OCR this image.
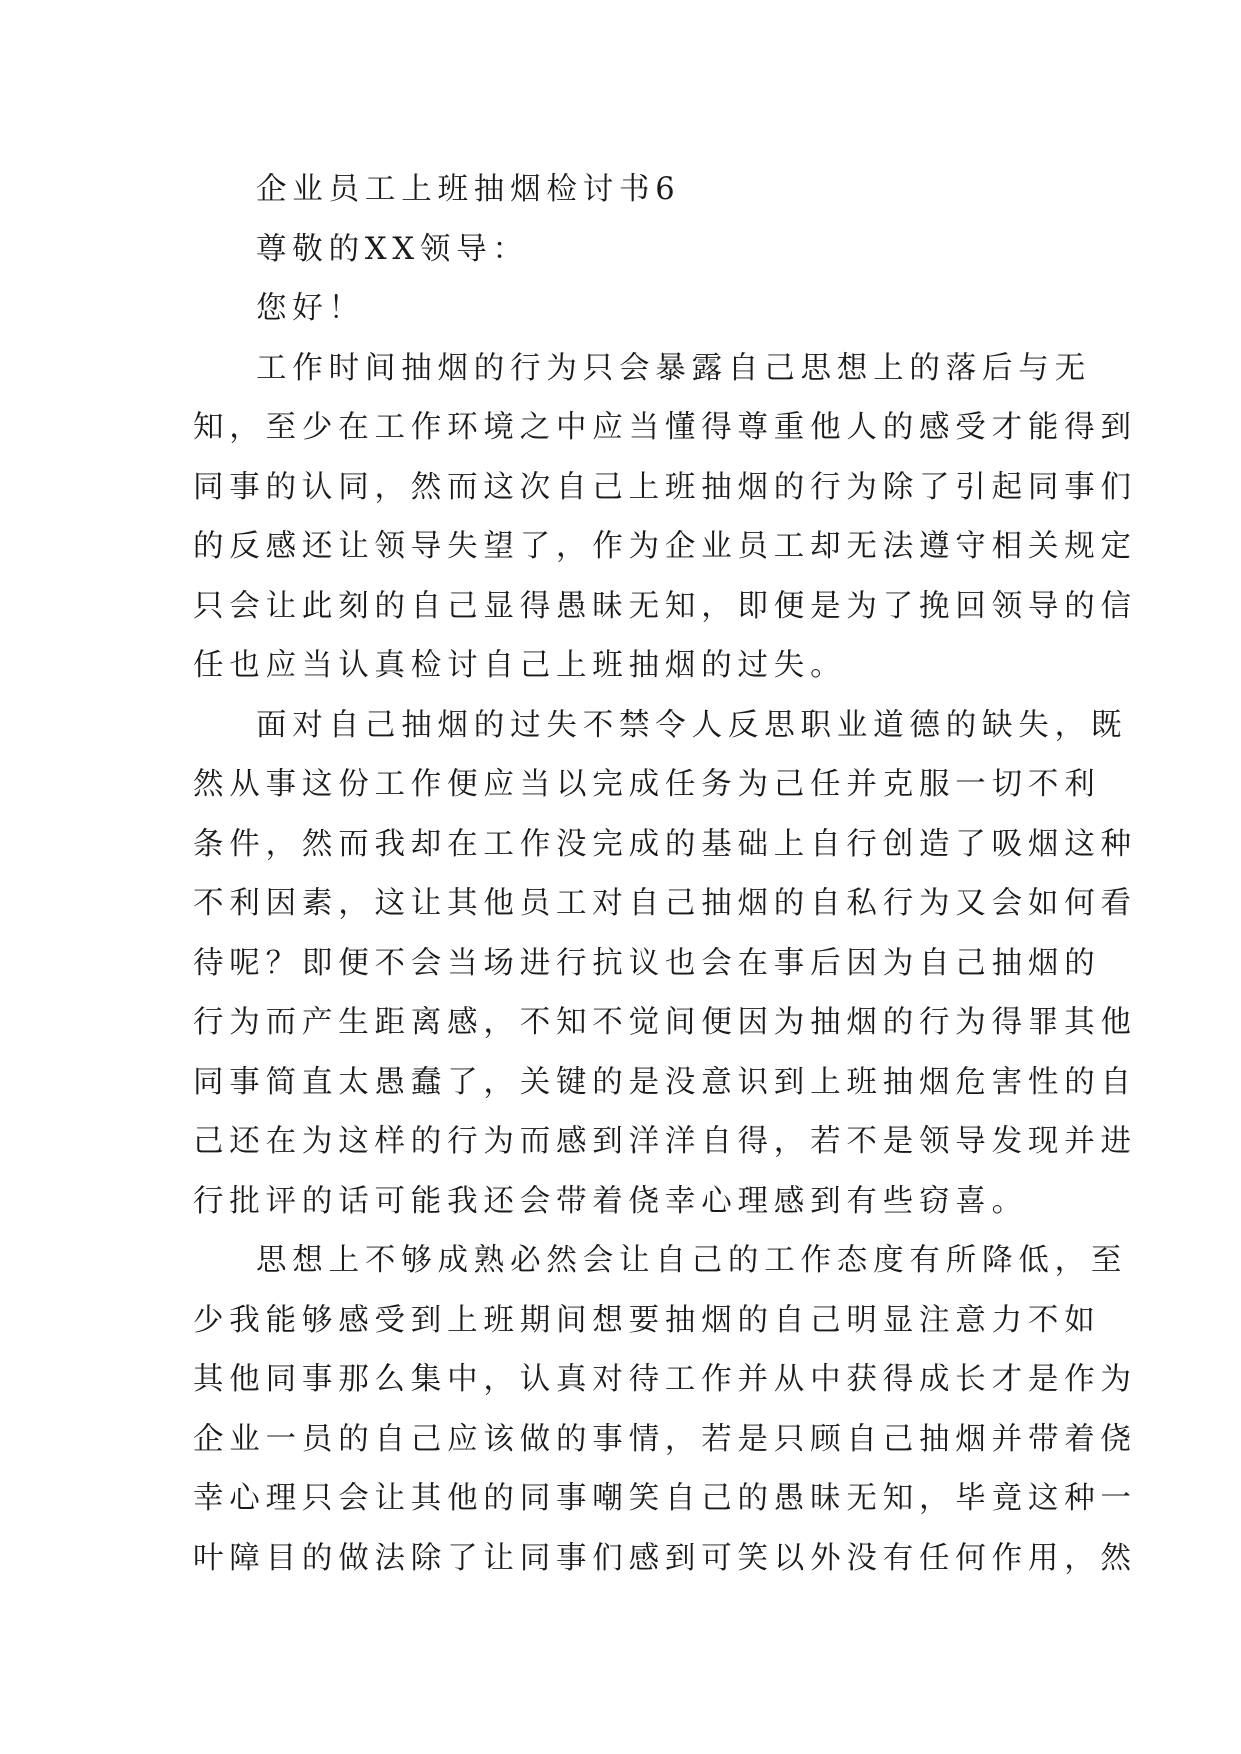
企业员工上班抽烟检讨书6
尊敬的XX领导：
您好！
工作时间抽烟的行为只会暴露自己思想上的落后与无
知，至少在工作环境之中应当懂得尊重他人的感受才能得到
同事的认同，然而这次自己上班抽烟的行为除了引起同事们
的反感还让领导失望了，作为企业员工却无法遵守相关规定
只会让此刻的自己显得愚昧无知，即便是为了挽回领导的信
任也应当认真检讨自己上班抽烟的过失。
面对自己抽烟的过失不禁令人反思职业道德的缺失，既
然从事这份工作便应当以完成任务为己任并克服一切不利
条件，然而我却在工作没完成的基础上自行创造了吸烟这种
不利因素，这让其他员工对自己抽烟的自私行为又会如何看
待呢？即便不会当场进行抗议也会在事后因为自己抽烟的
行为而产生距离感，不知不觉间便因为抽烟的行为得罪其他
同事简直太愚蠢了，关键的是没意识到上班抽烟危害性的自
己还在为这样的行为而感到洋洋自得，若不是领导发现并进
行批评的话可能我还会带着侥幸心理感到有些窃喜。
思想上不够成熟必然会让自己的工作态度有所降低，至
少我能够感受到上班期间想要抽烟的自己明显注意力不如
其他同事那么集中，认真对待工作并从中获得成长才是作为
企业一员的自己应该做的事情，若是只顾自己抽烟并带着侥
幸心理只会让其他的同事嘲笑自己的愚昧无知，毕竟这种一
叶障目的做法除了让同事们感到可笑以外没有任何作用，然
